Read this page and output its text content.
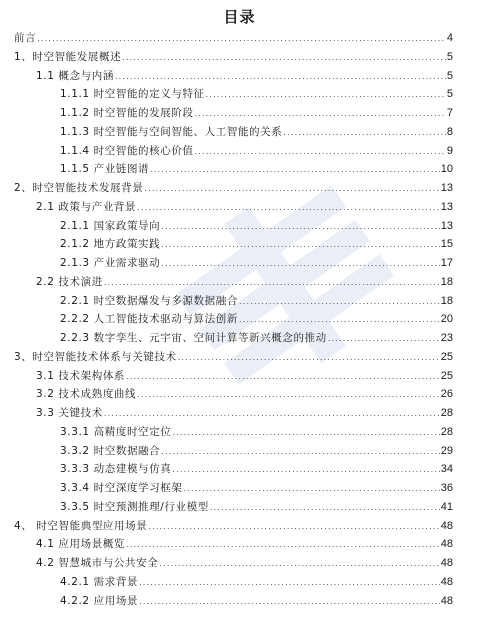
目录
前言 .....	4
1、时空智能发展概述 .....	5
1.1 概念与内涵 .....	5
1.1.1 时空智能的定义与特征 .....	5
1.1.2 时空智能的发展阶段 .....	7
1.1.3 时空智能与空间智能、人工智能的关系 .....	8
1.1.4 时空智能的核心价值 .....	9
1.1.5 产业链图谱 .....	10
2、时空智能技术发展背景 .....	13
2.1 政策与产业背景 .....	13
2.1.1 国家政策导向 .....	13
2.1.2 地方政策实践 .....	15
2.1.3 产业需求驱动 .....	17
2.2 技术演进 .....	18
2.2.1 时空数据爆发与多源数据融合 .....	18
2.2.2 人工智能技术驱动与算法创新 .....	20
2.2.3 数字孪生、元宇宙、空间计算等新兴概念的推动 .....	23
3、时空智能技术体系与关键技术 .....	25
3.1 技术架构体系 .....	25
3.2 技术成熟度曲线 .....	26
3.3 关键技术 .....	28
3.3.1 高精度时空定位 .....	28
3.3.2 时空数据融合 .....	29
3.3.3 动态建模与仿真 .....	34
3.3.4 时空深度学习框架 .....	36
3.3.5 时空预测推理/行业模型 .....	41
4、 时空智能典型应用场景 .....	48
4.1 应用场景概览 .....	48
4.2 智慧城市与公共安全 .....	48
4.2.1 需求背景 .....	48
4.2.2 应用场景 .....	48
